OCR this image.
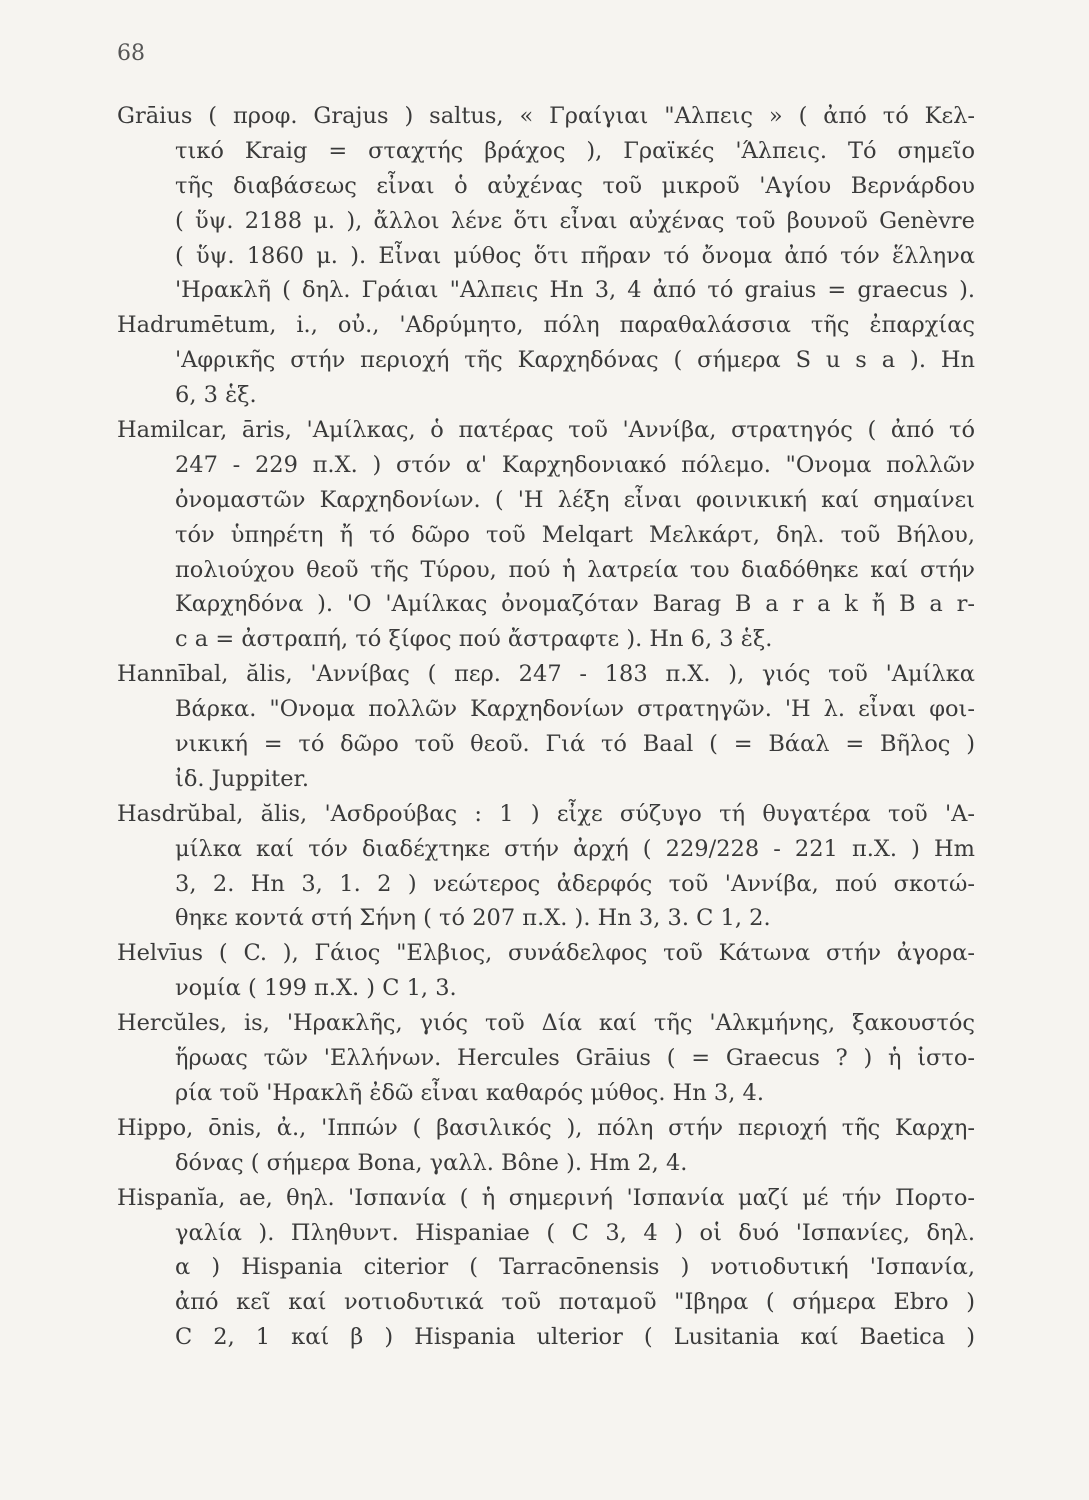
68
Grāius ( προφ. Grajus ) saltus, « Γραίγιαι "Αλπεις » ( ἀπό τό Κελ-
τικό Kraig = σταχτής βράχος ), Γραϊκές 'Άλπεις. Τό σημεῖο
τῆς διαβάσεως εἶναι ὁ αὐχένας τοῦ μικροῦ 'Αγίου Βερνάρδου
( ὕψ. 2188 μ. ), ἄλλοι λένε ὅτι εἶναι αὐχένας τοῦ βουνοῦ Genèvre
( ὕψ. 1860 μ. ). Εἶναι μύθος ὅτι πῆραν τό ὄνομα ἀπό τόν ἕλληνα
'Ηρακλῆ ( δηλ. Γράιαι "Αλπεις Hn 3, 4 ἀπό τό graius = graecus ).
Hadrumētum, i., οὐ., 'Αδρύμητο, πόλη παραθαλάσσια τῆς ἐπαρχίας
'Αφρικῆς στήν περιοχή τῆς Καρχηδόνας ( σήμερα S u s a ). Hn
6, 3 ἑξ.
Hamilcar, āris, 'Αμίλκας, ὁ πατέρας τοῦ 'Αννίβα, στρατηγός ( ἀπό τό
247 - 229 π.Χ. ) στόν α' Καρχηδονιακό πόλεμο. "Ονομα πολλῶν
ὀνομαστῶν Καρχηδονίων. ( 'Η λέξη εἶναι φοινικική καί σημαίνει
τόν ὑπηρέτη ἤ τό δῶρο τοῦ Melqart Μελκάρτ, δηλ. τοῦ Βήλου,
πολιούχου θεοῦ τῆς Τύρου, πού ἡ λατρεία του διαδόθηκε καί στήν
Καρχηδόνα ). 'Ο 'Αμίλκας ὀνομαζόταν Barag B a r a k ἤ B a r-
c a = ἀστραπή, τό ξίφος πού ἄστραφτε ). Hn 6, 3 ἑξ.
Hannībal, ălis, 'Αννίβας ( περ. 247 - 183 π.Χ. ), γιός τοῦ 'Αμίλκα
Βάρκα. "Ονομα πολλῶν Καρχηδονίων στρατηγῶν. 'Η λ. εἶναι φοι-
νικική = τό δῶρο τοῦ θεοῦ. Γιά τό Baal ( = Βάαλ = Βῆλος )
ἰδ. Juppiter.
Hasdrŭbal, ălis, 'Ασδρούβας : 1 ) εἶχε σύζυγο τή θυγατέρα τοῦ 'Α-
μίλκα καί τόν διαδέχτηκε στήν ἀρχή ( 229/228 - 221 π.Χ. ) Hm
3, 2. Hn 3, 1. 2 ) νεώτερος ἀδερφός τοῦ 'Αννίβα, πού σκοτώ-
θηκε κοντά στή Σήνη ( τό 207 π.Χ. ). Hn 3, 3. C 1, 2.
Helvīus ( C. ), Γάιος "Ελβιος, συνάδελφος τοῦ Κάτωνα στήν ἀγορα-
νομία ( 199 π.Χ. ) C 1, 3.
Hercŭles, is, 'Ηρακλῆς, γιός τοῦ Δία καί τῆς 'Αλκμήνης, ξακουστός
ἥρωας τῶν 'Ελλήνων. Hercules Grāius ( = Graecus ? ) ἡ ἱστο-
ρία τοῦ 'Ηρακλῆ ἐδῶ εἶναι καθαρός μύθος. Hn 3, 4.
Hippo, ōnis, ἀ., 'Ιππών ( βασιλικός ), πόλη στήν περιοχή τῆς Καρχη-
δόνας ( σήμερα Bona, γαλλ. Bône ). Hm 2, 4.
Hispanĭa, ae, θηλ. 'Ισπανία ( ἡ σημερινή 'Ισπανία μαζί μέ τήν Πορτο-
γαλία ). Πληθυντ. Hispaniae ( C 3, 4 ) οἱ δυό 'Ισπανίες, δηλ.
α ) Hispania citerior ( Tarracōnensis ) νοτιοδυτική 'Ισπανία,
ἀπό κεῖ καί νοτιοδυτικά τοῦ ποταμοῦ "Ιβηρα ( σήμερα Ebro )
C 2, 1 καί β ) Hispania ulterior ( Lusitania καί Baetica )
